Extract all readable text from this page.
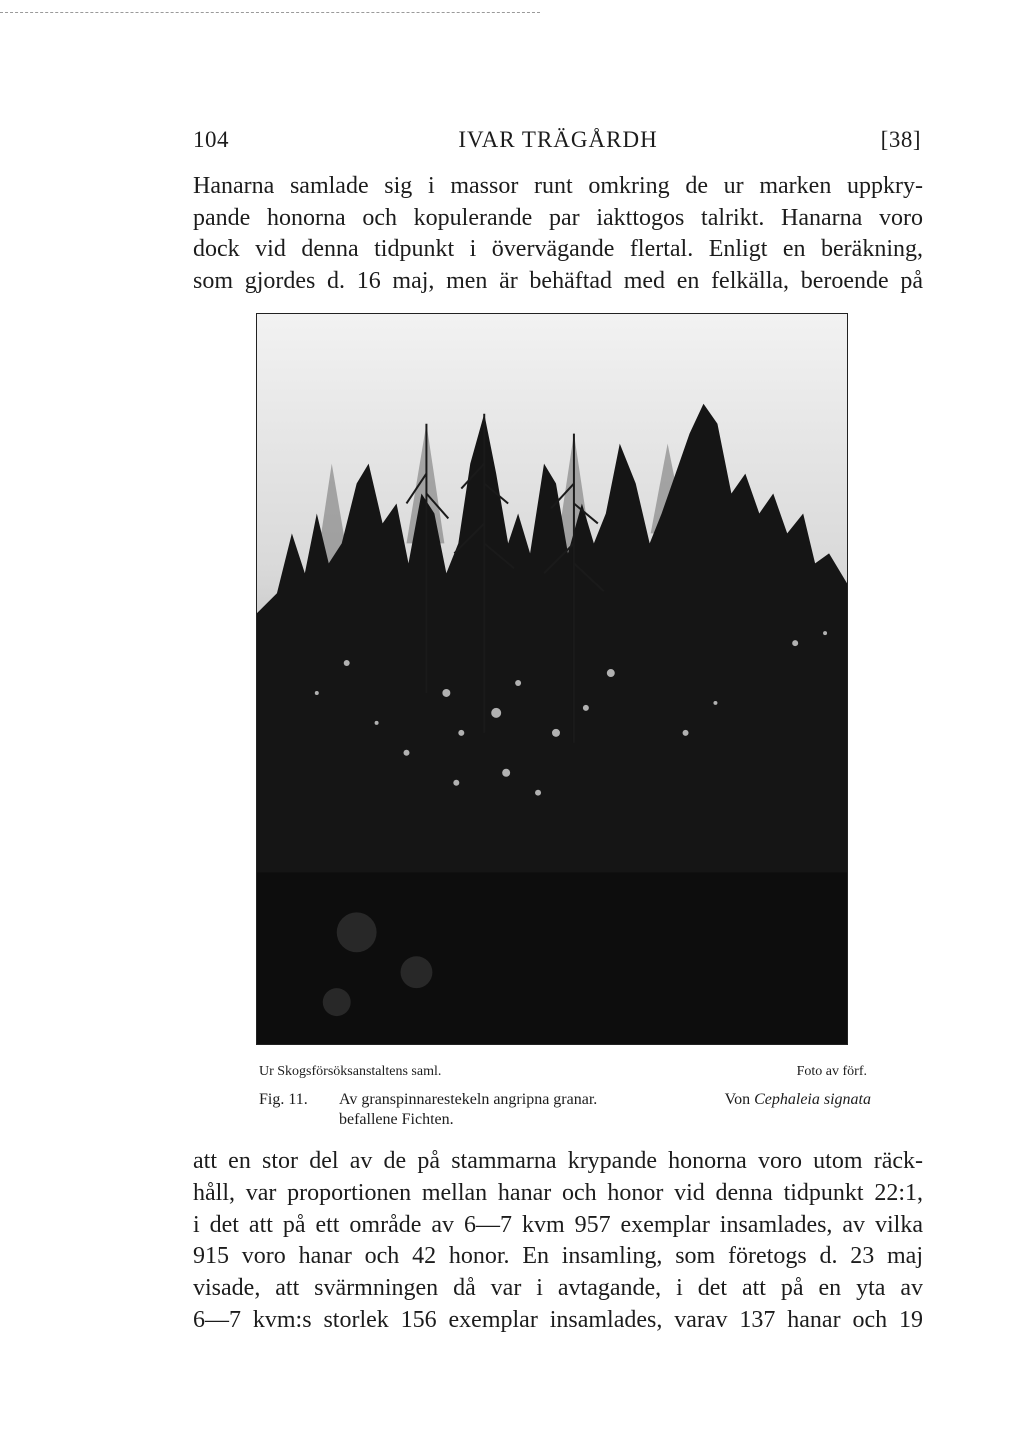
104	IVAR TRÄGÅRDH	[38]

Hanarna samlade sig i massor runt omkring de ur marken uppkry-
pande honorna och kopulerande par iakttogos talrikt. Hanarna voro
dock vid denna tidpunkt i övervägande flertal. Enligt en beräkning,
som gjordes d. 16 maj, men är behäftad med en felkälla, beroende på

Ur Skogsförsöksanstaltens saml.	Foto av förf.
Fig. 11. Av granspinnarestekeln angripna granar.	Von Cephaleia signata
befallene Fichten.

att en stor del av de på stammarna krypande honorna voro utom räck-
håll, var proportionen mellan hanar och honor vid denna tidpunkt 22:1,
i det att på ett område av 6—7 kvm 957 exemplar insamlades, av vilka
915 voro hanar och 42 honor. En insamling, som företogs d. 23 maj
visade, att svärmningen då var i avtagande, i det att på en yta av
6—7 kvm:s storlek 156 exemplar insamlades, varav 137 hanar och 19
